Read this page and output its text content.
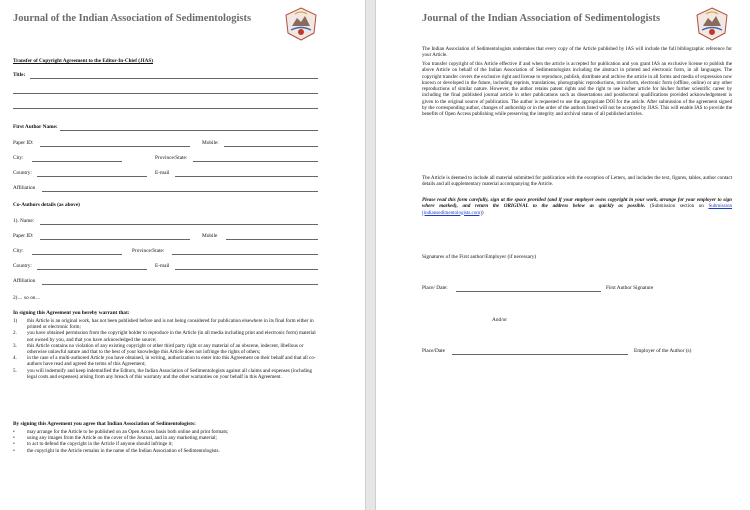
Journal of the Indian Association of Sedimentologists
Transfer of Copyright Agreement to the Editor-In-Chief (JIAS)
Title:
First Author Name:
Paper ID:	Mobile:
City:	Province/State:
Country:	E-mail
Affiliation
Co-Authors details (as above)
1). Name:
Paper ID:	Mobile
City:	Province/State:
Country:	E-mail
Affiliation
2)… so on…
In signing this Agreement you hereby warrant that:
1) this Article is an original work, has not been published before and is not being considered for publication elsewhere in its final form either in printed or electronic form;
2. you have obtained permission from the copyright holder to reproduce in the Article (in all media including print and electronic form) material not owned by you, and that you have acknowledged the source;
3. this Article contains no violation of any existing copyright or other third party right or any material of an obscene, indecent, libellous or otherwise unlawful nature and that to the best of your knowledge this Article does not infringe the rights of others;
4. in the case of a multi-authored Article you have obtained, in writing, authorization to enter into this Agreement on their behalf and that all co-authors have read and agreed the terms of this Agreement;
5. you will indemnify and keep indemnified the Editors, the Indian Association of Sedimentologists against all claims and expenses (including legal costs and expenses) arising from any breach of this warranty and the other warranties on your behalf in this Agreement.
By signing this Agreement you agree that Indian Association of Sedimentologists:
• may arrange for the Article to be published on an Open Access basis both online and print formats;
• using any images from the Article on the cover of the Journal, and in any marketing material;
• to act to defend the copyright in the Article if anyone should infringe it;
• the copyright in the Article remains in the name of the Indian Association of Sedimentologists.
Journal of the Indian Association of Sedimentologists
The Indian Association of Sedimentologists undertakes that every copy of the Article published by IAS will include the full bibliographic reference for your Article.
You transfer copyright of this Article effective if and when the article is accepted for publication and you grant IAS an exclusive license to publish the above Article on behalf of the Indian Association of Sedimentologists including the abstract in printed and electronic form, in all languages. The copyright transfer covers the exclusive right and license to reproduce, publish, distribute and archive the article in all forms and media of expression now known or developed in the future, including reprints, translations, photographic reproductions, microform, electronic form (offline, online) or any other reproductions of similar nature. However, the author retains patent rights and the right to use his/her article for his/her further scientific career by including the final published journal article in other publications such as dissertations and postdoctoral qualifications provided acknowledgement is given to the original source of publication. The author is requested to use the appropriate DOI for the article. After submission of the agreement signed by the corresponding author, changes of authorship or in the order of the authors listed will not be accepted by JIAS. This will enable IAS to provide the benefits of Open Access publishing while preserving the integrity and archival status of all published articles.
The Article is deemed to include all material submitted for publication with the exception of Letters, and includes the text, figures, tables, author contact details and all supplementary material accompanying the Article.
Please read this form carefully, sign at the space provided (and if your employer owns copyright in your work, arrange for your employer to sign where marked), and return the ORIGINAL to the address below as quickly as possible. (Submission section on Submission (indiansedimentologists.com))
Signatures of the First author/Employer (if necessary)
Place/ Date:	First Author Signature
And/or
Place/Date	Employer of the Author (s)
